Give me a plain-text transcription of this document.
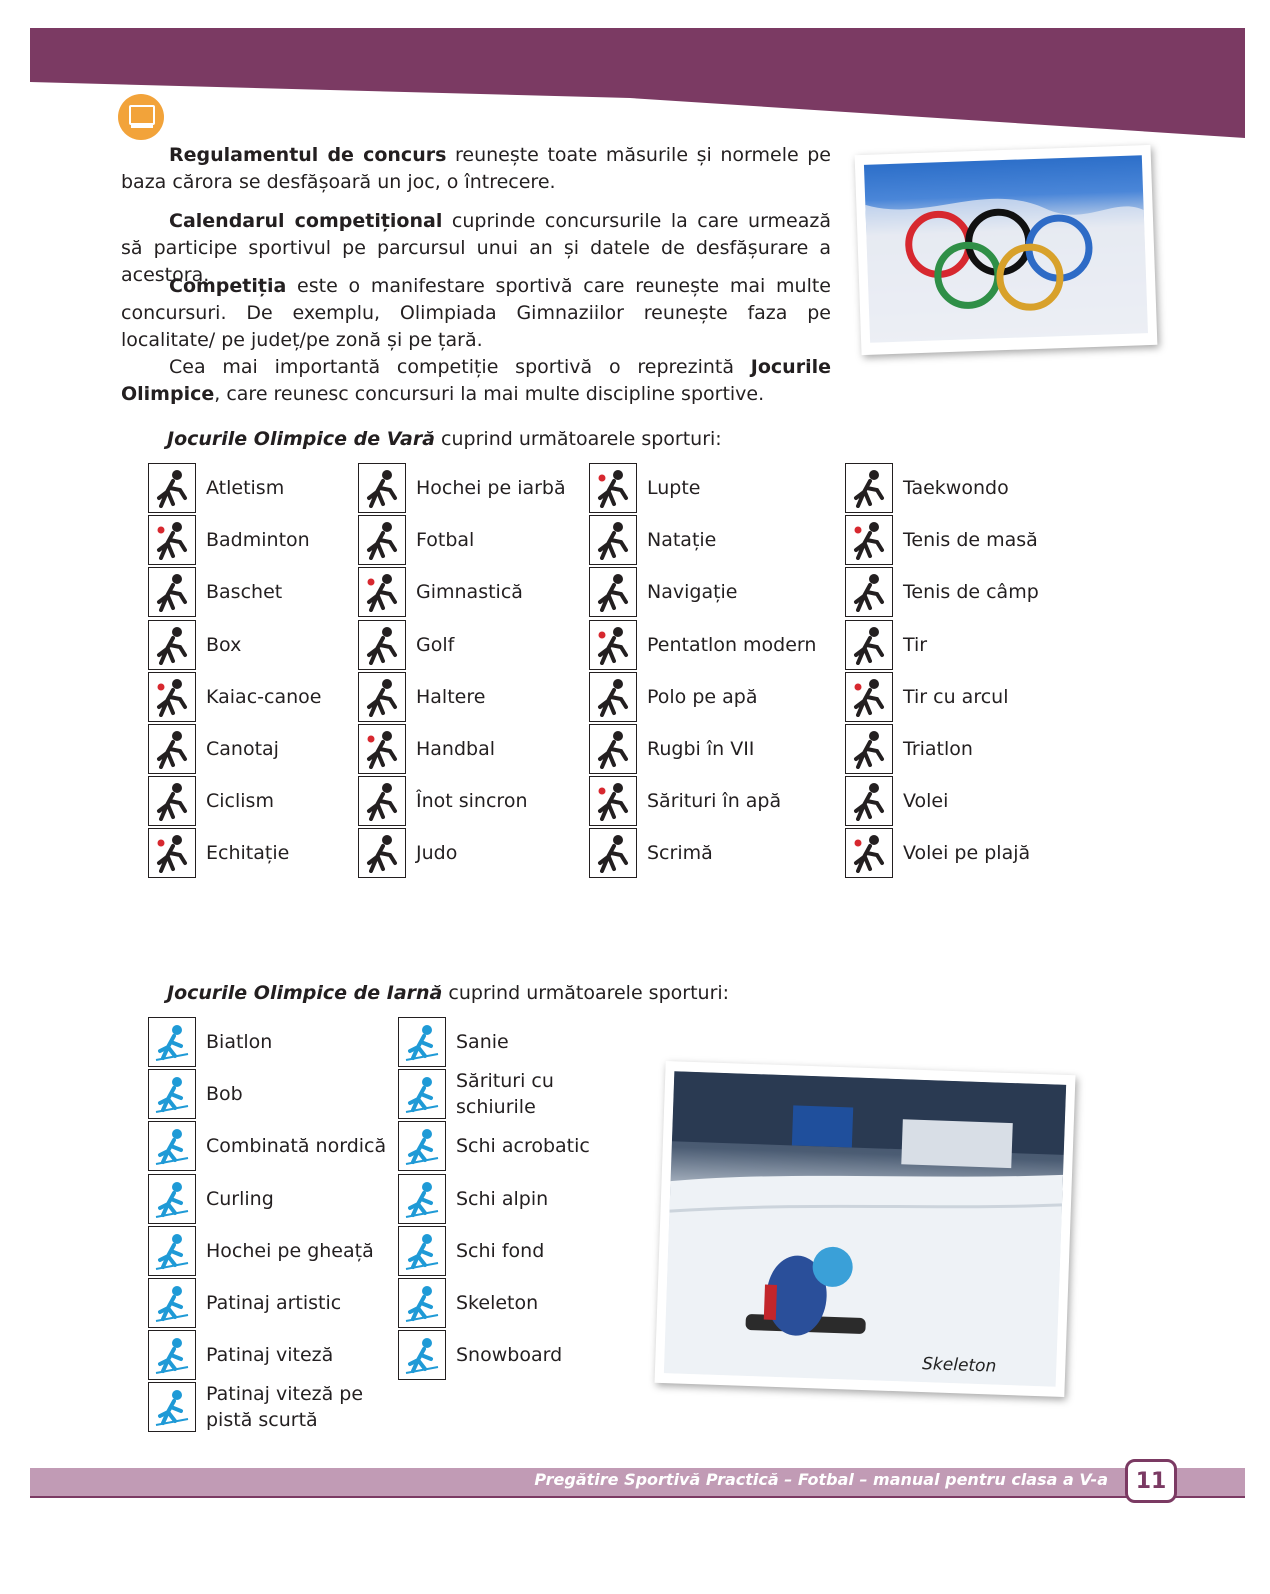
Regulamentul de concurs reunește toate măsurile și normele pe baza cărora se desfășoară un joc, o întrecere.

Calendarul competițional cuprinde concursurile la care urmează să participe sportivul pe parcursul unui an și datele de desfășurare a acestora.

Competiția este o manifestare sportivă care reunește mai multe concursuri. De exemplu, Olimpiada Gimnaziilor reunește faza pe localitate/ pe județ/pe zonă și pe țară.

Cea mai importantă competiție sportivă o reprezintă Jocurile Olimpice, care reunesc concursuri la mai multe discipline sportive.

Jocurile Olimpice de Vară cuprind următoarele sporturi:

Atletism
Badminton
Baschet
Box
Kaiac-canoe
Canotaj
Ciclism
Echitație
Hochei pe iarbă
Fotbal
Gimnastică
Golf
Haltere
Handbal
Înot sincron
Judo
Lupte
Natație
Navigație
Pentatlon modern
Polo pe apă
Rugbi în VII
Sărituri în apă
Scrimă
Taekwondo
Tenis de masă
Tenis de câmp
Tir
Tir cu arcul
Triatlon
Volei
Volei pe plajă

Jocurile Olimpice de Iarnă cuprind următoarele sporturi:

Biatlon
Bob
Combinată nordică
Curling
Hochei pe gheață
Patinaj artistic
Patinaj viteză
Patinaj viteză pe pistă scurtă
Sanie
Sărituri cu schiurile
Schi acrobatic
Schi alpin
Schi fond
Skeleton
Snowboard	Skeleton
Pregătire Sportivă Practică – Fotbal – manual pentru clasa a V-a	11
